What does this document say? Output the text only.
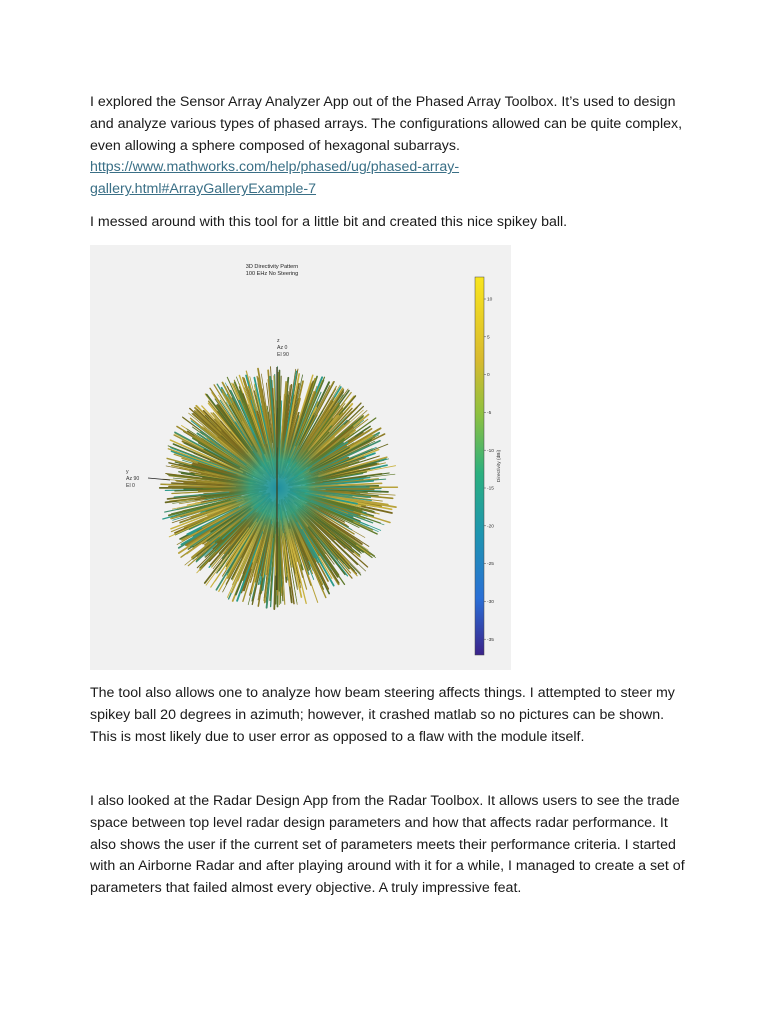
I explored the Sensor Array Analyzer App out of the Phased Array Toolbox. It’s used to design and analyze various types of phased arrays. The configurations allowed can be quite complex, even allowing a sphere composed of hexagonal subarrays.
https://www.mathworks.com/help/phased/ug/phased-array-
gallery.html#ArrayGalleryExample-7

I messed around with this tool for a little bit and created this nice spikey ball.

3D Directivity Pattern
100 EHz No Steering
z
Az 0
El 90
y
Az 90
El 0
10
5
0
-5
-10
-15
-20
-25
-30
-35
Directivity (dBi)

The tool also allows one to analyze how beam steering affects things. I attempted to steer my spikey ball 20 degrees in azimuth; however, it crashed matlab so no pictures can be shown. This is most likely due to user error as opposed to a flaw with the module itself.

I also looked at the Radar Design App from the Radar Toolbox. It allows users to see the trade space between top level radar design parameters and how that affects radar performance. It also shows the user if the current set of parameters meets their performance criteria. I started with an Airborne Radar and after playing around with it for a while, I managed to create a set of parameters that failed almost every objective. A truly impressive feat.
